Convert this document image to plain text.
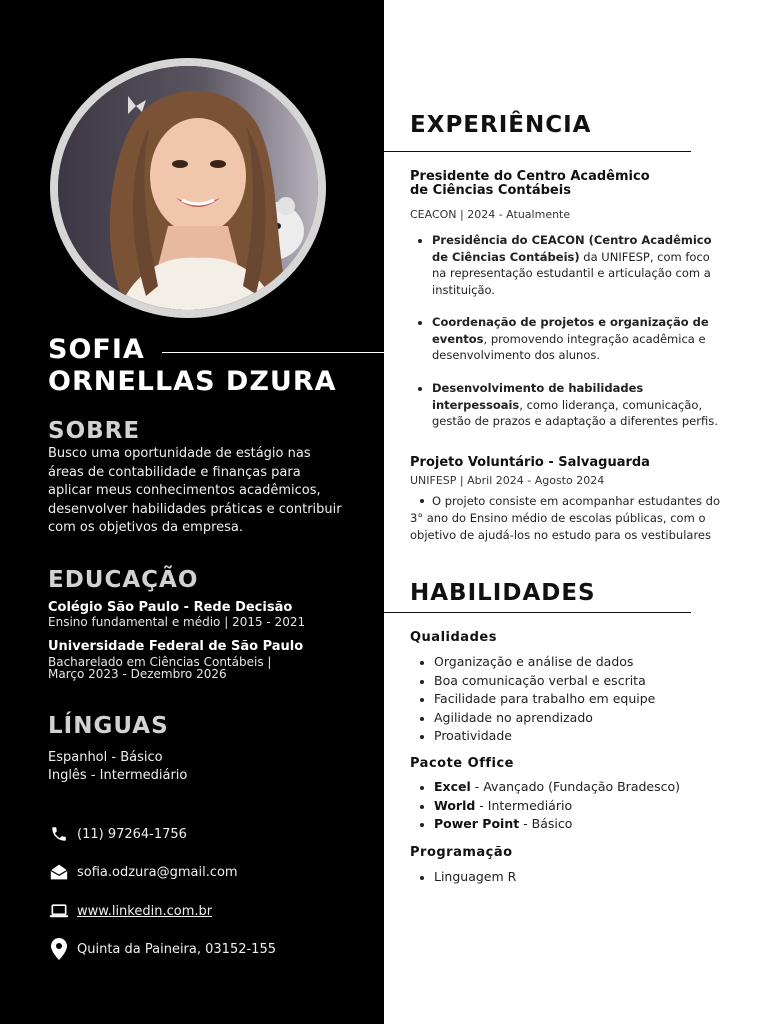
SOFIA
ORNELLAS DZURA
SOBRE
Busco uma oportunidade de estágio nas áreas de contabilidade e finanças para aplicar meus conhecimentos acadêmicos, desenvolver habilidades práticas e contribuir com os objetivos da empresa.
EDUCAÇÃO
Colégio São Paulo - Rede Decisão
Ensino fundamental e médio | 2015 - 2021
Universidade Federal de São Paulo
Bacharelado em Ciências Contábeis |
Março 2023 - Dezembro 2026
LÍNGUAS
Espanhol - Básico
Inglês - Intermediário
(11) 97264-1756
sofia.odzura@gmail.com
www.linkedin.com.br
Quinta da Paineira, 03152-155
EXPERIÊNCIA
Presidente do Centro Acadêmico
de Ciências Contábeis
CEACON | 2024 - Atualmente
Presidência do CEACON (Centro Acadêmico de Ciências Contábeis) da UNIFESP, com foco na representação estudantil e articulação com a instituição.
Coordenação de projetos e organização de eventos, promovendo integração acadêmica e desenvolvimento dos alunos.
Desenvolvimento de habilidades interpessoais, como liderança, comunicação, gestão de prazos e adaptação a diferentes perfis.
Projeto Voluntário - Salvaguarda
UNIFESP | Abril 2024 - Agosto 2024
O projeto consiste em acompanhar estudantes do 3° ano do Ensino médio de escolas públicas, com o objetivo de ajudá-los no estudo para os vestibulares
HABILIDADES
Qualidades
Organização e análise de dados
Boa comunicação verbal e escrita
Facilidade para trabalho em equipe
Agilidade no aprendizado
Proatividade
Pacote Office
Excel - Avançado (Fundação Bradesco)
World - Intermediário
Power Point - Básico
Programação
Linguagem R
